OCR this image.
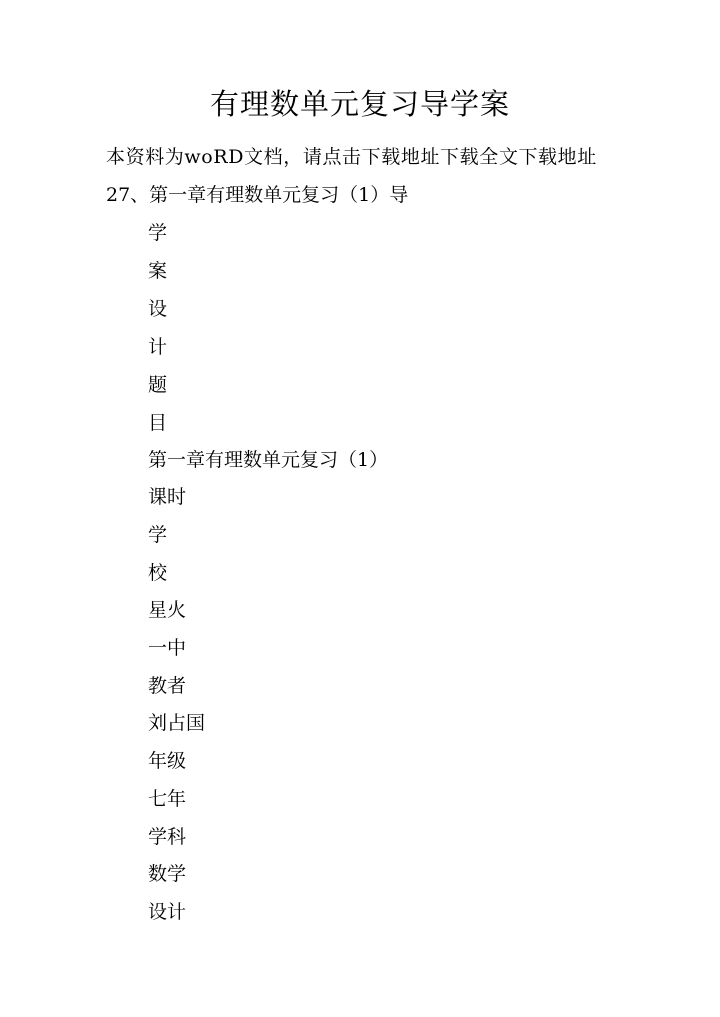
有理数单元复习导学案
本资料为woRD文档，请点击下载地址下载全文下载地址
27、第一章有理数单元复习（1）导
学
案
设
计
题
目
第一章有理数单元复习（1）
课时
学
校
星火
一中
教者
刘占国
年级
七年
学科
数学
设计
